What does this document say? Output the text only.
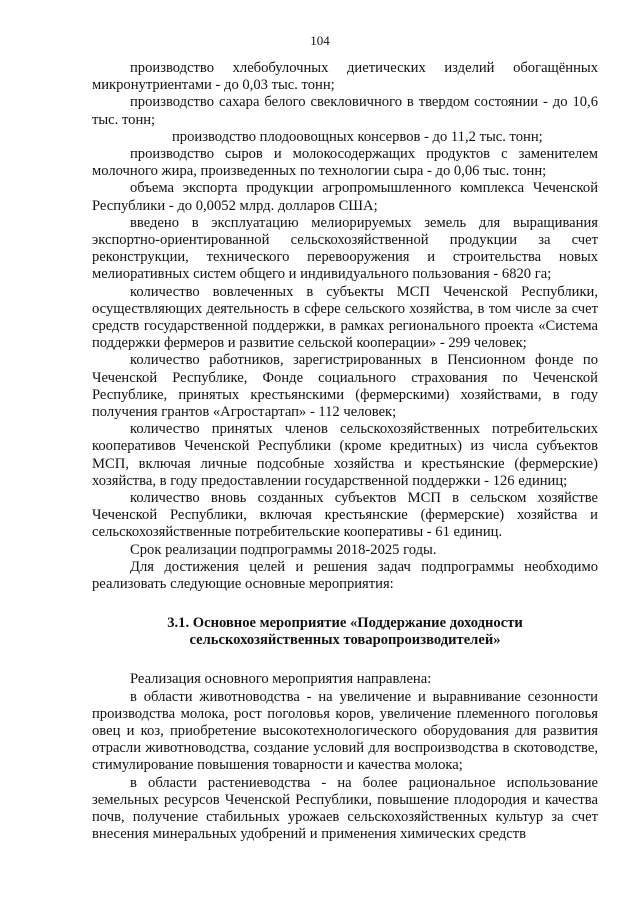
104

производство хлебобулочных диетических изделий обогащённых микронутриентами - до 0,03 тыс. тонн;

производство сахара белого свекловичного в твердом состоянии - до 10,6 тыс. тонн;

производство плодоовощных консервов - до 11,2 тыс. тонн;

производство сыров и молокосодержащих продуктов с заменителем молочного жира, произведенных по технологии сыра - до 0,06 тыс. тонн;

объема экспорта продукции агропромышленного комплекса Чеченской Республики - до 0,0052 млрд. долларов США;

введено в эксплуатацию мелиорируемых земель для выращивания экспортно-ориентированной сельскохозяйственной продукции за счет реконструкции, технического перевооружения и строительства новых мелиоративных систем общего и индивидуального пользования - 6820 га;

количество вовлеченных в субъекты МСП Чеченской Республики, осуществляющих деятельность в сфере сельского хозяйства, в том числе за счет средств государственной поддержки, в рамках регионального проекта «Система поддержки фермеров и развитие сельской кооперации» - 299 человек;

количество работников, зарегистрированных в Пенсионном фонде по Чеченской Республике, Фонде социального страхования по Чеченской Республике, принятых крестьянскими (фермерскими) хозяйствами, в году получения грантов «Агростартап» - 112 человек;

количество принятых членов сельскохозяйственных потребительских кооперативов Чеченской Республики (кроме кредитных) из числа субъектов МСП, включая личные подсобные хозяйства и крестьянские (фермерские) хозяйства, в году предоставлении государственной поддержки - 126 единиц;

количество вновь созданных субъектов МСП в сельском хозяйстве Чеченской Республики, включая крестьянские (фермерские) хозяйства и сельскохозяйственные потребительские кооперативы - 61 единиц.

Срок реализации подпрограммы 2018-2025 годы.

Для достижения целей и решения задач подпрограммы необходимо реализовать следующие основные мероприятия:

3.1. Основное мероприятие «Поддержание доходности
сельскохозяйственных товаропроизводителей»

Реализация основного мероприятия направлена:

в области животноводства - на увеличение и выравнивание сезонности производства молока, рост поголовья коров, увеличение племенного поголовья овец и коз, приобретение высокотехнологического оборудования для развития отрасли животноводства, создание условий для воспроизводства в скотоводстве, стимулирование повышения товарности и качества молока;

в области растениеводства - на более рациональное использование земельных ресурсов Чеченской Республики, повышение плодородия и качества почв, получение стабильных урожаев сельскохозяйственных культур за счет внесения минеральных удобрений и применения химических средств
